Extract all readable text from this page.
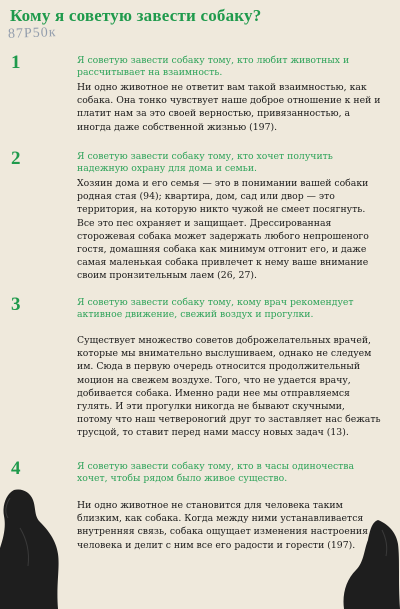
Кому я советую завести собаку?
87Р50к
1	Я советую завести собаку тому, кто любит животных и рассчитывает на взаимность.
Ни одно животное не ответит вам такой взаимностью, как собака. Она тонко чувствует наше доброе отношение к ней и платит нам за это своей верностью, привязанностью, а иногда даже собственной жизнью (197).
2	Я советую завести собаку тому, кто хочет получить надежную охрану для дома и семьи.
Хозяин дома и его семья — это в понимании вашей собаки родная стая (94); квартира, дом, сад или двор — это территория, на которую никто чужой не смеет посягнуть. Все это пес охраняет и защищает. Дрессированная сторожевая собака может задержать любого непрошеного гостя, домашняя собака как минимум отгонит его, и даже самая маленькая собака привлечет к нему ваше внимание своим пронзительным лаем (26, 27).
3	Я советую завести собаку тому, кому врач рекомендует активное движение, свежий воздух и прогулки.
Существует множество советов доброжелательных врачей, которые мы внимательно выслушиваем, однако не следуем им. Сюда в первую очередь относится продолжительный моцион на свежем воздухе. Того, что не удается врачу, добивается собака. Именно ради нее мы отправляемся гулять. И эти прогулки никогда не бывают скучными, потому что наш четвероногий друг то заставляет нас бежать трусцой, то ставит перед нами массу новых задач (13).
4	Я советую завести собаку тому, кто в часы одиночества хочет, чтобы рядом было живое существо.
Ни одно животное не становится для человека таким близким, как собака. Когда между ними устанавливается внутренняя связь, собака ощущает изменения настроения человека и делит с ним все его радости и горести (197).
